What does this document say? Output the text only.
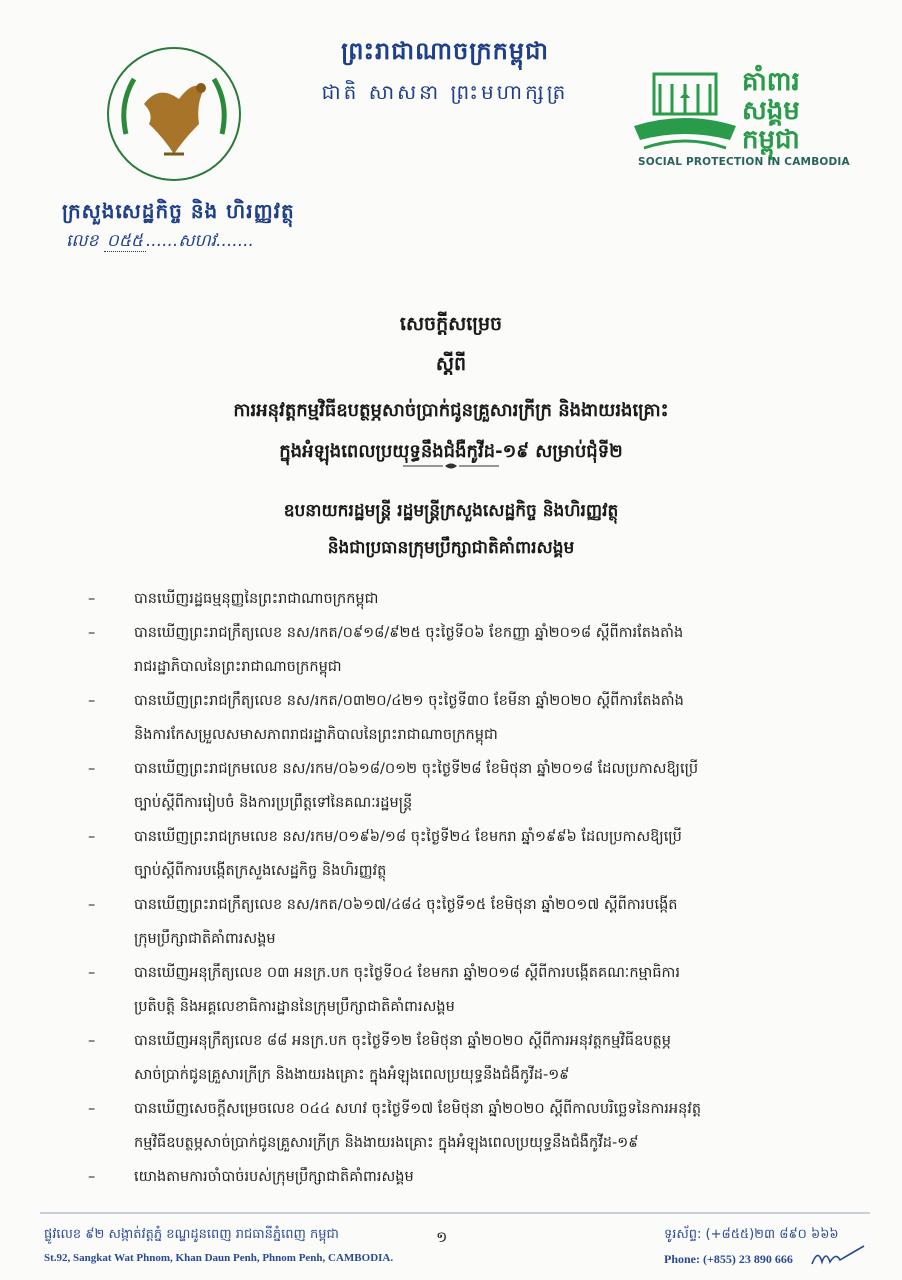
ក្រសួងសេដ្ឋកិច្ច និង ហិរញ្ញវត្ថុ
លេខ ០៥៥ ......សហវ.......
ព្រះរាជាណាចក្រកម្ពុជា
ជាតិ សាសនា ព្រះមហាក្សត្រ	គាំពារ
សង្គម
កម្ពុជា
SOCIAL PROTECTION IN CAMBODIA
សេចក្តីសម្រេច
ស្តីពី
ការអនុវត្តកម្មវិធីឧបត្ថម្ភសាច់ប្រាក់ជូនគ្រួសារក្រីក្រ និងងាយរងគ្រោះ
ក្នុងអំឡុងពេលប្រយុទ្ធនឹងជំងឺកូវីដ-១៩ សម្រាប់ជុំទី២
ឧបនាយករដ្ឋមន្ត្រី រដ្ឋមន្ត្រីក្រសួងសេដ្ឋកិច្ច និងហិរញ្ញវត្ថុ
និងជាប្រធានក្រុមប្រឹក្សាជាតិគាំពារសង្គម
–	បានឃើញរដ្ឋធម្មនុញ្ញនៃព្រះរាជាណាចក្រកម្ពុជា
–	បានឃើញព្រះរាជក្រឹត្យលេខ នស/រកត/០៩១៨/៩២៥ ចុះថ្ងៃទី០៦ ខែកញ្ញា ឆ្នាំ២០១៨ ស្តីពីការតែងតាំង
រាជរដ្ឋាភិបាលនៃព្រះរាជាណាចក្រកម្ពុជា
–	បានឃើញព្រះរាជក្រឹត្យលេខ នស/រកត/០៣២០/៤២១ ចុះថ្ងៃទី៣០ ខែមីនា ឆ្នាំ២០២០ ស្តីពីការតែងតាំង
និងការកែសម្រួលសមាសភាពរាជរដ្ឋាភិបាលនៃព្រះរាជាណាចក្រកម្ពុជា
–	បានឃើញព្រះរាជក្រមលេខ នស/រកម/០៦១៨/០១២ ចុះថ្ងៃទី២៨ ខែមិថុនា ឆ្នាំ២០១៨ ដែលប្រកាសឱ្យប្រើ
ច្បាប់ស្តីពីការរៀបចំ និងការប្រព្រឹត្តទៅនៃគណៈរដ្ឋមន្ត្រី
–	បានឃើញព្រះរាជក្រមលេខ នស/រកម/០១៩៦/១៨ ចុះថ្ងៃទី២៤ ខែមករា ឆ្នាំ១៩៩៦ ដែលប្រកាសឱ្យប្រើ
ច្បាប់ស្តីពីការបង្កើតក្រសួងសេដ្ឋកិច្ច និងហិរញ្ញវត្ថុ
–	បានឃើញព្រះរាជក្រឹត្យលេខ នស/រកត/០៦១៧/៤៨៤ ចុះថ្ងៃទី១៥ ខែមិថុនា ឆ្នាំ២០១៧ ស្តីពីការបង្កើត
ក្រុមប្រឹក្សាជាតិគាំពារសង្គម
–	បានឃើញអនុក្រឹត្យលេខ ០៣ អនក្រ.បក ចុះថ្ងៃទី០៤ ខែមករា ឆ្នាំ២០១៨ ស្តីពីការបង្កើតគណៈកម្មាធិការ
ប្រតិបត្តិ និងអគ្គលេខាធិការដ្ឋាននៃក្រុមប្រឹក្សាជាតិគាំពារសង្គម
–	បានឃើញអនុក្រឹត្យលេខ ៨៨ អនក្រ.បក ចុះថ្ងៃទី១២ ខែមិថុនា ឆ្នាំ២០២០ ស្តីពីការអនុវត្តកម្មវិធីឧបត្ថម្ភ
សាច់ប្រាក់ជូនគ្រួសារក្រីក្រ និងងាយរងគ្រោះ ក្នុងអំឡុងពេលប្រយុទ្ធនឹងជំងឺកូវីដ-១៩
–	បានឃើញសេចក្តីសម្រេចលេខ ០៤៤ សហវ ចុះថ្ងៃទី១៧ ខែមិថុនា ឆ្នាំ២០២០ ស្តីពីកាលបរិច្ឆេទនៃការអនុវត្ត
កម្មវិធីឧបត្ថម្ភសាច់ប្រាក់ជូនគ្រួសារក្រីក្រ និងងាយរងគ្រោះ ក្នុងអំឡុងពេលប្រយុទ្ធនឹងជំងឺកូវីដ-១៩
–	យោងតាមការចាំបាច់របស់ក្រុមប្រឹក្សាជាតិគាំពារសង្គម
ផ្លូវលេខ ៩២ សង្កាត់វត្តភ្នំ ខណ្ឌដូនពេញ រាជធានីភ្នំពេញ កម្ពុជា
St.92, Sangkat Wat Phnom, Khan Daun Penh, Phnom Penh, CAMBODIA.
១	ទូរស័ព្ទ: (+៨៥៥)២៣ ៨៩០ ៦៦៦
Phone: (+855) 23 890 666
